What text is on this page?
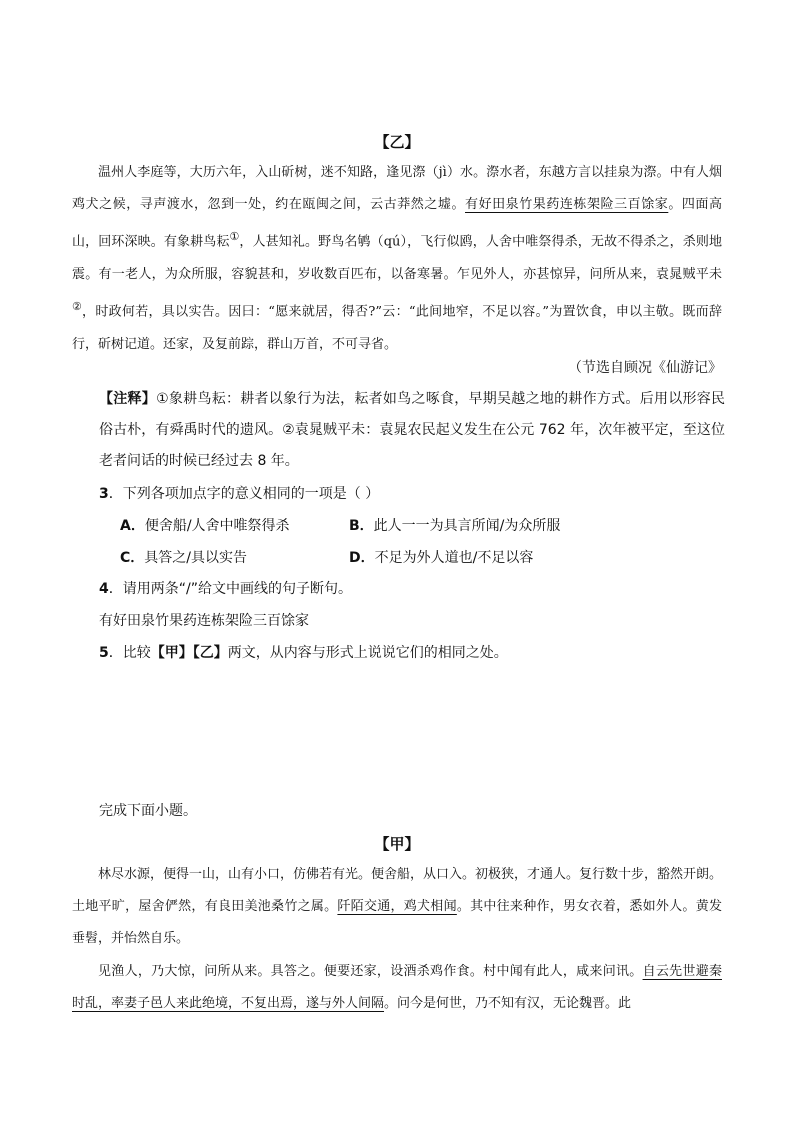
【乙】

温州人李庭等，大历六年，入山斫树，迷不知路，逢见漈（jì）水。漈水者，东越方言以挂泉为漈。中有人烟鸡犬之候，寻声渡水，忽到一处，约在瓯闽之间，云古莽然之墟。有好田泉竹果药连栋架险三百馀家。四面高山，回环深映。有象耕鸟耘①，人甚知礼。野鸟名鸲（qú），飞行似鸥，人舍中唯祭得杀，无故不得杀之，杀则地震。有一老人，为众所服，容貌甚和，岁收数百匹布，以备寒暑。乍见外人，亦甚惊异，问所从来，袁晁贼平未②，时政何若，具以实告。因曰：“愿来就居，得否?”云：“此间地窄，不足以容。”为置饮食，申以主敬。既而辞行，斫树记道。还家，及复前踪，群山万首，不可寻省。

（节选自顾况《仙游记》
【注释】①象耕鸟耘：耕者以象行为法，耘者如鸟之啄食，早期吴越之地的耕作方式。后用以形容民俗古朴，有舜禹时代的遗风。②袁晁贼平未：袁晁农民起义发生在公元 762 年，次年被平定，至这位老者问话的时候已经过去 8 年。
3．下列各项加点字的意义相同的一项是（ ）
A．便舍船/人舍中唯祭得杀	B．此人一一为具言所闻/为众所服
C．具答之/具以实告	D．不足为外人道也/不足以容
4．请用两条“/”给文中画线的句子断句。
有好田泉竹果药连栋架险三百馀家
5．比较【甲】【乙】两文，从内容与形式上说说它们的相同之处。
完成下面小题。
【甲】

林尽水源，便得一山，山有小口，仿佛若有光。便舍船，从口入。初极狭，才通人。复行数十步，豁然开朗。土地平旷，屋舍俨然，有良田美池桑竹之属。阡陌交通，鸡犬相闻。其中往来种作，男女衣着，悉如外人。黄发垂髫，并怡然自乐。

见渔人，乃大惊，问所从来。具答之。便要还家，设酒杀鸡作食。村中闻有此人，咸来问讯。自云先世避秦时乱，率妻子邑人来此绝境，不复出焉，遂与外人间隔。问今是何世，乃不知有汉，无论魏晋。此
